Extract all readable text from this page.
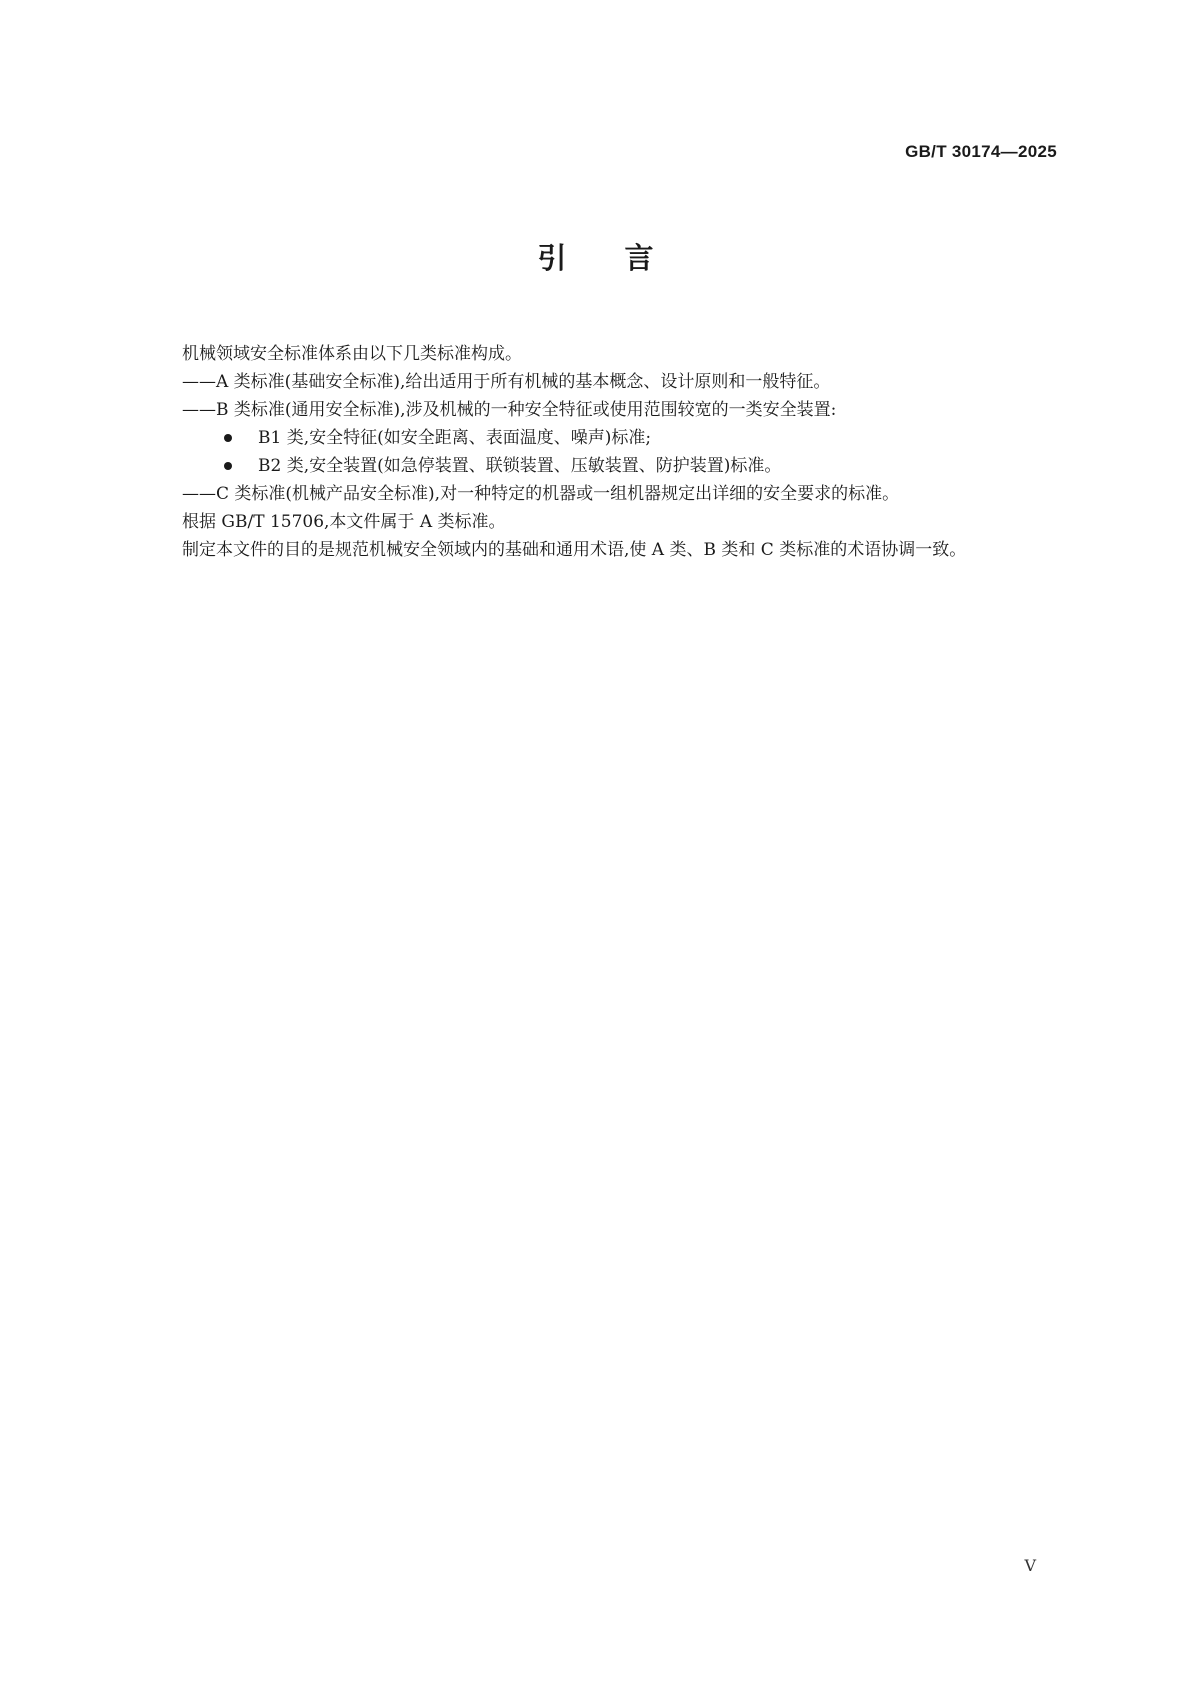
GB/T 30174—2025
引言

机械领域安全标准体系由以下几类标准构成。

——A 类标准(基础安全标准),给出适用于所有机械的基本概念、设计原则和一般特征。

——B 类标准(通用安全标准),涉及机械的一种安全特征或使用范围较宽的一类安全装置:

B1 类,安全特征(如安全距离、表面温度、噪声)标准;
B2 类,安全装置(如急停装置、联锁装置、压敏装置、防护装置)标准。

——C 类标准(机械产品安全标准),对一种特定的机器或一组机器规定出详细的安全要求的标准。

根据 GB/T 15706,本文件属于 A 类标准。

制定本文件的目的是规范机械安全领域内的基础和通用术语,使 A 类、B 类和 C 类标准的术语协调一致。

V
